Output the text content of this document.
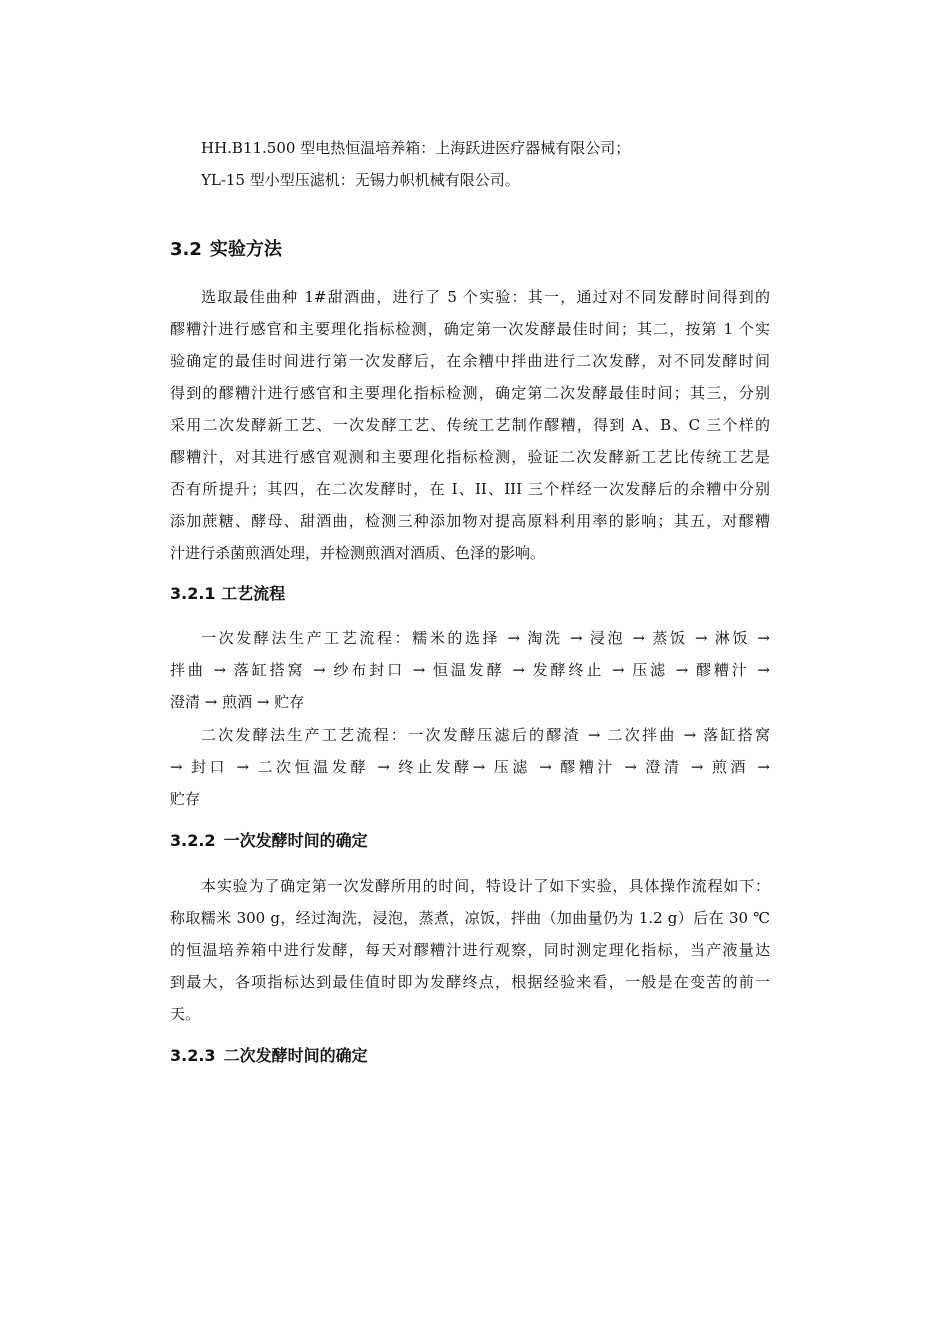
HH.B11.500 型电热恒温培养箱：上海跃进医疗器械有限公司；
YL-15 型小型压滤机：无锡力帜机械有限公司。
3.2 实验方法
选取最佳曲种 1#甜酒曲，进行了 5 个实验：其一，通过对不同发酵时间得到的
醪糟汁进行感官和主要理化指标检测，确定第一次发酵最佳时间；其二，按第 1 个实
验确定的最佳时间进行第一次发酵后，在余糟中拌曲进行二次发酵，对不同发酵时间
得到的醪糟汁进行感官和主要理化指标检测，确定第二次发酵最佳时间；其三，分别
采用二次发酵新工艺、一次发酵工艺、传统工艺制作醪糟，得到 A、B、C 三个样的
醪糟汁，对其进行感官观测和主要理化指标检测，验证二次发酵新工艺比传统工艺是
否有所提升；其四，在二次发酵时，在 I、II、III 三个样经一次发酵后的余糟中分别
添加蔗糖、酵母、甜酒曲，检测三种添加物对提高原料利用率的影响；其五，对醪糟
汁进行杀菌煎酒处理，并检测煎酒对酒质、色泽的影响。
3.2.1 工艺流程
一次发酵法生产工艺流程：糯米的选择 → 淘洗 → 浸泡 → 蒸饭 → 淋饭 →
拌曲 → 落缸搭窝 → 纱布封口 → 恒温发酵 → 发酵终止 → 压滤 → 醪糟汁 →
澄清 → 煎酒 → 贮存
二次发酵法生产工艺流程：一次发酵压滤后的醪渣 → 二次拌曲 → 落缸搭窝
→ 封口 → 二次恒温发酵 → 终止发酵→ 压滤 → 醪糟汁 → 澄清 → 煎酒 →
贮存
3.2.2 一次发酵时间的确定
本实验为了确定第一次发酵所用的时间，特设计了如下实验，具体操作流程如下：
称取糯米 300 g，经过淘洗，浸泡，蒸煮，凉饭，拌曲（加曲量仍为 1.2 g）后在 30 ℃
的恒温培养箱中进行发酵，每天对醪糟汁进行观察，同时测定理化指标，当产液量达
到最大，各项指标达到最佳值时即为发酵终点，根据经验来看，一般是在变苦的前一
天。
3.2.3 二次发酵时间的确定
